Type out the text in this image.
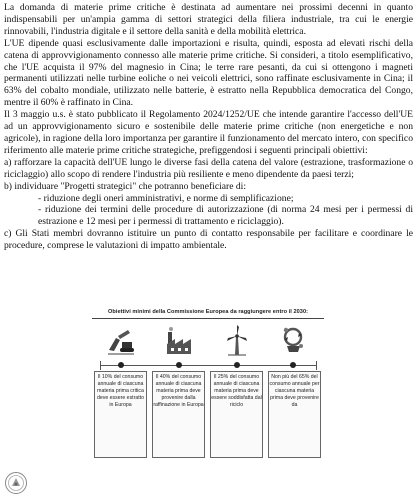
La domanda di materie prime critiche è destinata ad aumentare nei prossimi decenni in quanto indispensabili per un'ampia gamma di settori strategici della filiera industriale, tra cui le energie rinnovabili, l'industria digitale e il settore della sanità e della mobilità elettrica.

L'UE dipende quasi esclusivamente dalle importazioni e risulta, quindi, esposta ad elevati rischi della catena di approvvigionamento connesso alle materie prime critiche. Si consideri, a titolo esemplificativo, che l'UE acquista il 97% del magnesio in Cina; le terre rare pesanti, da cui si ottengono i magneti permanenti utilizzati nelle turbine eoliche o nei veicoli elettrici, sono raffinate esclusivamente in Cina; il 63% del cobalto mondiale, utilizzato nelle batterie, è estratto nella Repubblica democratica del Congo, mentre il 60% è raffinato in Cina.

Il 3 maggio u.s. è stato pubblicato il Regolamento 2024/1252/UE che intende garantire l'accesso dell'UE ad un approvvigionamento sicuro e sostenibile delle materie prime critiche (non energetiche e non agricole), in ragione della loro importanza per garantire il funzionamento del mercato intero, con specifico riferimento alle materie prime critiche strategiche, prefiggendosi i seguenti principali obiettivi:

a) rafforzare la capacità dell'UE lungo le diverse fasi della catena del valore (estrazione, trasformazione o riciclaggio) allo scopo di rendere l'industria più resiliente e meno dipendente da paesi terzi;

b) individuare "Progetti strategici" che potranno beneficiare di:

- riduzione degli oneri amministrativi, e norme di semplificazione;

- riduzione dei termini delle procedure di autorizzazione (di norma 24 mesi per i permessi di estrazione e 12 mesi per i permessi di trattamento e riciclaggio).

c) Gli Stati membri dovranno istituire un punto di contatto responsabile per facilitare e coordinare le procedure, comprese le valutazioni di impatto ambientale.

Obiettivi minimi della Commissione Europea da raggiungere entro il 2030:
Il 10% del consumo annuale di ciascuna materia prima critica deve essere estratto in Europa
Il 40% del consumo annuale di ciascuna materia prima deve provenire dalla raffinazione in Europa
Il 25% del consumo annuale di ciascuna materia prima deve essere soddisfatta dal riciclo
Non più del 65% del consumo annuale per ciascuna materia prima deve provenire da
